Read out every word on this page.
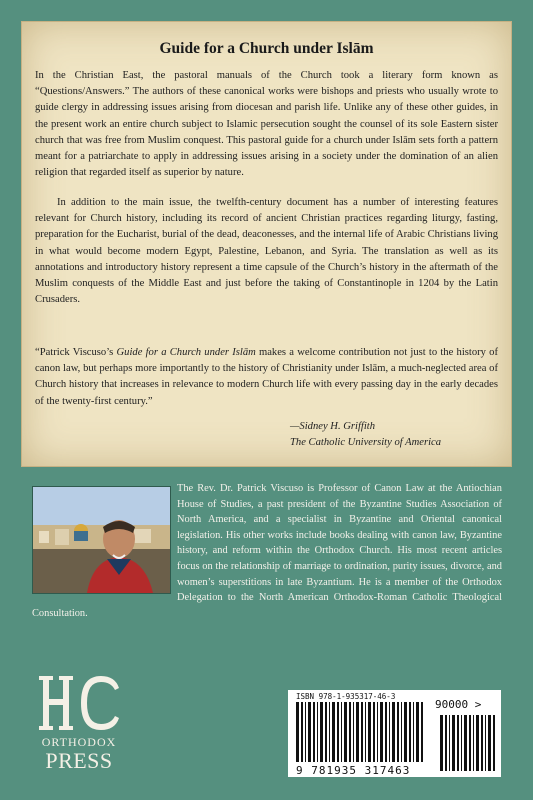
Guide for a Church under Islām
In the Christian East, the pastoral manuals of the Church took a literary form known as “Questions/Answers.” The authors of these canonical works were bishops and priests who usually wrote to guide clergy in addressing issues arising from diocesan and parish life. Unlike any of these other guides, in the present work an entire church subject to Islamic persecution sought the counsel of its sole Eastern sister church that was free from Muslim conquest. This pastoral guide for a church under Islām sets forth a pattern meant for a patriarchate to apply in addressing issues arising in a society under the domination of an alien religion that regarded itself as superior by nature.
In addition to the main issue, the twelfth-century document has a number of interesting features relevant for Church history, including its record of ancient Christian practices regarding liturgy, fasting, preparation for the Eucharist, burial of the dead, deaconesses, and the internal life of Arabic Christians living in what would become modern Egypt, Palestine, Lebanon, and Syria. The translation as well as its annotations and introductory history represent a time capsule of the Church’s history in the aftermath of the Muslim conquests of the Middle East and just before the taking of Constantinople in 1204 by the Latin Crusaders.
“Patrick Viscuso’s Guide for a Church under Islām makes a welcome contribution not just to the history of canon law, but perhaps more importantly to the history of Christianity under Islām, a much-neglected area of Church history that increases in relevance to modern Church life with every passing day in the early decades of the twenty-first century.”
—Sidney H. Griffith
The Catholic University of America
The Rev. Dr. Patrick Viscuso is Professor of Canon Law at the Antiochian House of Studies, a past president of the Byzantine Studies Association of North America, and a specialist in Byzantine and Oriental canonical legislation. His other works include books dealing with canon law, Byzantine history, and reform within the Orthodox Church. His most recent articles focus on the relationship of marriage to ordination, purity issues, divorce, and women’s superstitions in late Byzantium. He is a member of the Orthodox Delegation to the North American Orthodox-Roman Catholic Theological Consultation.
ORTHODOX
PRESS
ISBN 978-1-935317-46-3
90000 >
9 781935 317463
